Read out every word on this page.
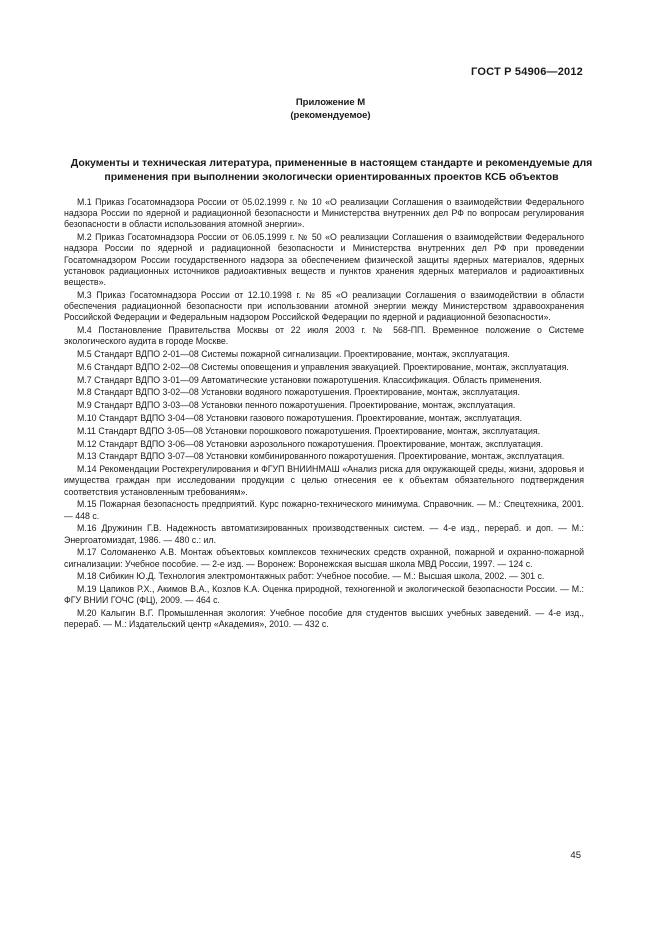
ГОСТ Р 54906—2012
Приложение М
(рекомендуемое)
Документы и техническая литература, примененные в настоящем стандарте и рекомендуемые для применения при выполнении экологически ориентированных проектов КСБ объектов

М.1 Приказ Госатомнадзора России от 05.02.1999 г. № 10 «О реализации Соглашения о взаимодействии Федерального надзора России по ядерной и радиационной безопасности и Министерства внутренних дел РФ по вопросам регулирования безопасности в области использования атомной энергии».

М.2 Приказ Госатомнадзора России от 06.05.1999 г. № 50 «О реализации Соглашения о взаимодействии Федерального надзора России по ядерной и радиационной безопасности и Министерства внутренних дел РФ при проведении Госатомнадзором России государственного надзора за обеспечением физической защиты ядерных материалов, ядерных установок радиационных источников радиоактивных веществ и пунктов хранения ядерных материалов и радиоактивных веществ».

М.3 Приказ Госатомнадзора России от 12.10.1998 г. № 85 «О реализации Соглашения о взаимодействии в области обеспечения радиационной безопасности при использовании атомной энергии между Министерством здравоохранения Российской Федерации и Федеральным надзором Российской Федерации по ядерной и радиационной безопасности».

М.4 Постановление Правительства Москвы от 22 июля 2003 г. № 568-ПП. Временное положение о Системе экологического аудита в городе Москве.

М.5 Стандарт ВДПО 2-01—08 Системы пожарной сигнализации. Проектирование, монтаж, эксплуатация.

М.6 Стандарт ВДПО 2-02—08 Системы оповещения и управления эвакуацией. Проектирование, монтаж, эксплуатация.

М.7 Стандарт ВДПО 3-01—09 Автоматические установки пожаротушения. Классификация. Область применения.

М.8 Стандарт ВДПО 3-02—08 Установки водяного пожаротушения. Проектирование, монтаж, эксплуатация.

М.9 Стандарт ВДПО 3-03—08 Установки пенного пожаротушения. Проектирование, монтаж, эксплуатация.

М.10 Стандарт ВДПО 3-04—08 Установки газового пожаротушения. Проектирование, монтаж, эксплуатация.

М.11 Стандарт ВДПО 3-05—08 Установки порошкового пожаротушения. Проектирование, монтаж, эксплуатация.

М.12 Стандарт ВДПО 3-06—08 Установки аэрозольного пожаротушения. Проектирование, монтаж, эксплуатация.

М.13 Стандарт ВДПО 3-07—08 Установки комбинированного пожаротушения. Проектирование, монтаж, эксплуатация.

М.14 Рекомендации Ростехрегулирования и ФГУП ВНИИНМАШ «Анализ риска для окружающей среды, жизни, здоровья и имущества граждан при исследовании продукции с целью отнесения ее к объектам обязательного подтверждения соответствия установленным требованиям».

М.15 Пожарная безопасность предприятий. Курс пожарно-технического минимума. Справочник. — М.: Спецтехника, 2001. — 448 с.

М.16 Дружинин Г.В. Надежность автоматизированных производственных систем. — 4-е изд., перераб. и доп. — М.: Энергоатомиздат, 1986. — 480 с.: ил.

М.17 Соломаненко А.В. Монтаж объектовых комплексов технических средств охранной, пожарной и охранно-пожарной сигнализации: Учебное пособие. — 2-е изд. — Воронеж: Воронежская высшая школа МВД России, 1997. — 124 с.

М.18 Сибикин Ю.Д. Технология электромонтажных работ: Учебное пособие. — М.: Высшая школа, 2002. — 301 с.

М.19 Цапиков Р.Х., Акимов В.А., Козлов К.А. Оценка природной, техногенной и экологической безопасности России. — М.: ФГУ ВНИИ ГОЧС (ФЦ), 2009. — 464 с.

М.20 Калыгин В.Г. Промышленная экология: Учебное пособие для студентов высших учебных заведений. — 4-е изд., перераб. — М.: Издательский центр «Академия», 2010. — 432 с.

45
